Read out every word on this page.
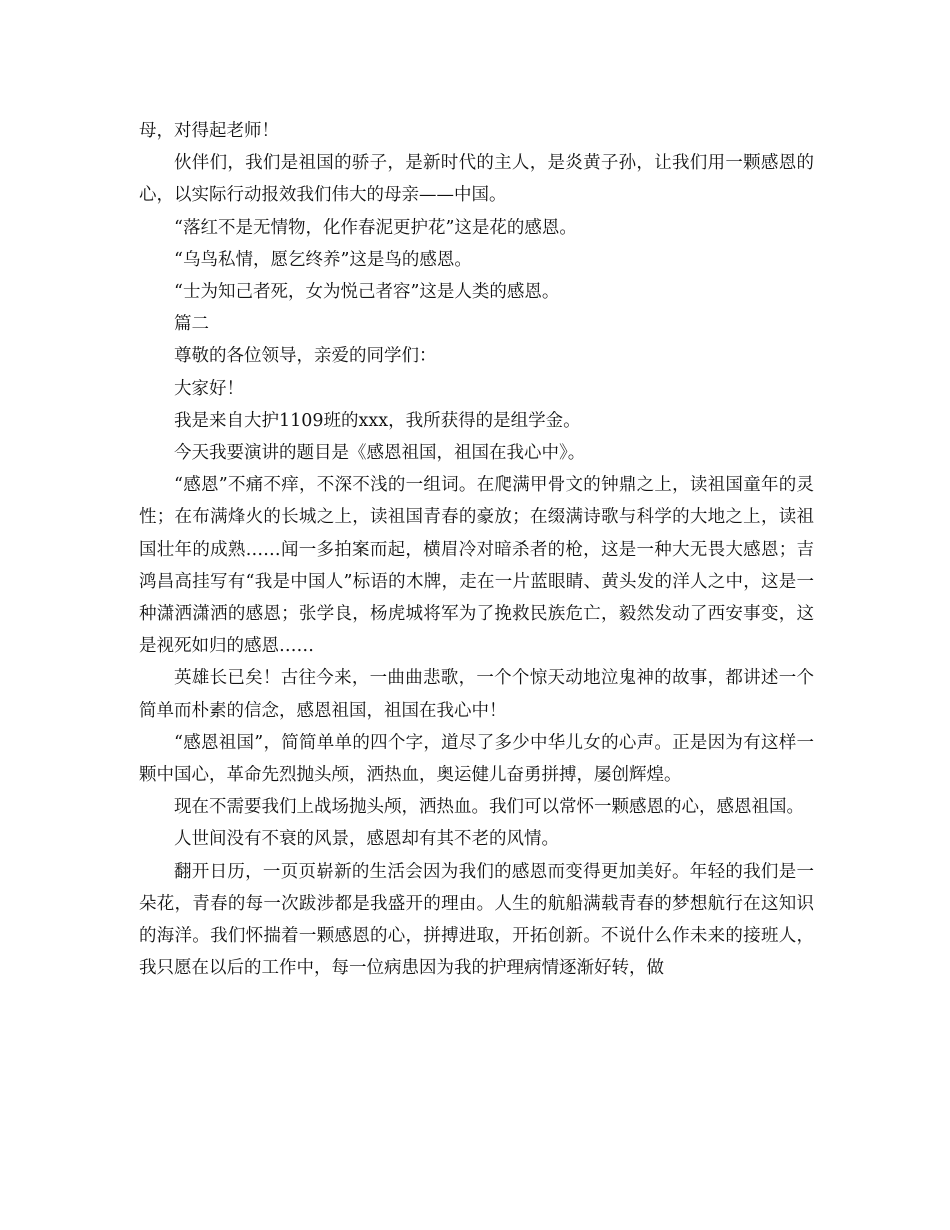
母，对得起老师！

伙伴们，我们是祖国的骄子，是新时代的主人，是炎黄子孙，让我们用一颗感恩的心，以实际行动报效我们伟大的母亲——中国。

“落红不是无情物，化作春泥更护花”这是花的感恩。

“乌鸟私情，愿乞终养”这是鸟的感恩。

“士为知己者死，女为悦己者容”这是人类的感恩。

篇二

尊敬的各位领导，亲爱的同学们：

大家好！

我是来自大护1109班的xxx，我所获得的是组学金。

今天我要演讲的题目是《感恩祖国，祖国在我心中》。

“感恩”不痛不痒，不深不浅的一组词。在爬满甲骨文的钟鼎之上，读祖国童年的灵性；在布满烽火的长城之上，读祖国青春的豪放；在缀满诗歌与科学的大地之上，读祖国壮年的成熟……闻一多拍案而起，横眉冷对暗杀者的枪，这是一种大无畏大感恩；吉鸿昌高挂写有“我是中国人”标语的木牌，走在一片蓝眼睛、黄头发的洋人之中，这是一种潇洒潇洒的感恩；张学良，杨虎城将军为了挽救民族危亡，毅然发动了西安事变，这是视死如归的感恩……

英雄长已矣！古往今来，一曲曲悲歌，一个个惊天动地泣鬼神的故事，都讲述一个简单而朴素的信念，感恩祖国，祖国在我心中！

“感恩祖国”，简简单单的四个字，道尽了多少中华儿女的心声。正是因为有这样一颗中国心，革命先烈抛头颅，洒热血，奥运健儿奋勇拼搏，屡创辉煌。

现在不需要我们上战场抛头颅，洒热血。我们可以常怀一颗感恩的心，感恩祖国。

人世间没有不衰的风景，感恩却有其不老的风情。

翻开日历，一页页崭新的生活会因为我们的感恩而变得更加美好。年轻的我们是一朵花，青春的每一次跋涉都是我盛开的理由。人生的航船满载青春的梦想航行在这知识的海洋。我们怀揣着一颗感恩的心，拼搏进取，开拓创新。不说什么作未来的接班人，我只愿在以后的工作中，每一位病患因为我的护理病情逐渐好转，做
